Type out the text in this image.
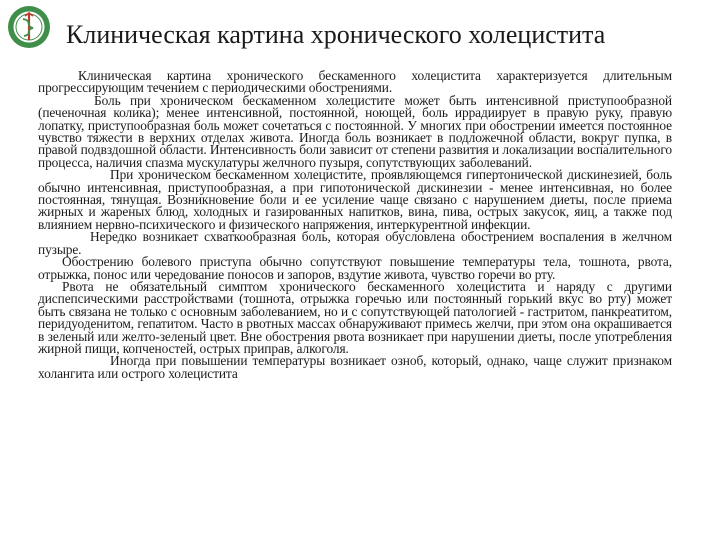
Клиническая картина хронического холецистита

Клиническая картина хронического бескаменного холецистита характеризуется длительным прогрессирующим течением с периодическими обострениями.

Боль при хроническом бескаменном холецистите может быть интенсивной приступообразной (печеночная колика); менее интенсивной, постоянной, ноющей, боль иррадиирует в правую руку, правую лопатку, приступообразная боль может сочетаться с постоянной. У многих при обострении имеется постоянное чувство тяжести в верхних отделах живота. Иногда боль возникает в подложечной области, вокруг пупка, в правой подвздошной области. Интенсивность боли зависит от степени развития и локализации воспалительного процесса, наличия спазма мускулатуры желчного пузыря, сопутствующих заболеваний.

При хроническом бескаменном холецистите, проявляющемся гипертонической дискинезией, боль обычно интенсивная, приступообразная, а при гипотонической дискинезии - менее интенсивная, но более постоянная, тянущая. Возникновение боли и ее усиление чаще связано с нарушением диеты, после приема жирных и жареных блюд, холодных и газированных напитков, вина, пива, острых закусок, яиц, а также под влиянием нервно-психического и физического напряжения, интеркурентной инфекции.

Нередко возникает схваткообразная боль, которая обусловлена обострением воспаления в желчном пузыре.

Обострению болевого приступа обычно сопутствуют повышение температуры тела, тошнота, рвота, отрыжка, понос или чередование поносов и запоров, вздутие живота, чувство горечи во рту.

Рвота не обязательный симптом хронического бескаменного холецистита и наряду с другими диспепсическими расстройствами (тошнота, отрыжка горечью или постоянный горький вкус во рту) может быть связана не только с основным заболеванием, но и с сопутствующей патологией - гастритом, панкреатитом, перидуоденитом, гепатитом. Часто в рвотных массах обнаруживают примесь желчи, при этом она окрашивается в зеленый или желто-зеленый цвет. Вне обострения рвота возникает при нарушении диеты, после употребления жирной пищи, копченостей, острых приправ, алкоголя.

Иногда при повышении температуры возникает озноб, который, однако, чаще служит признаком холангита или острого холецистита
